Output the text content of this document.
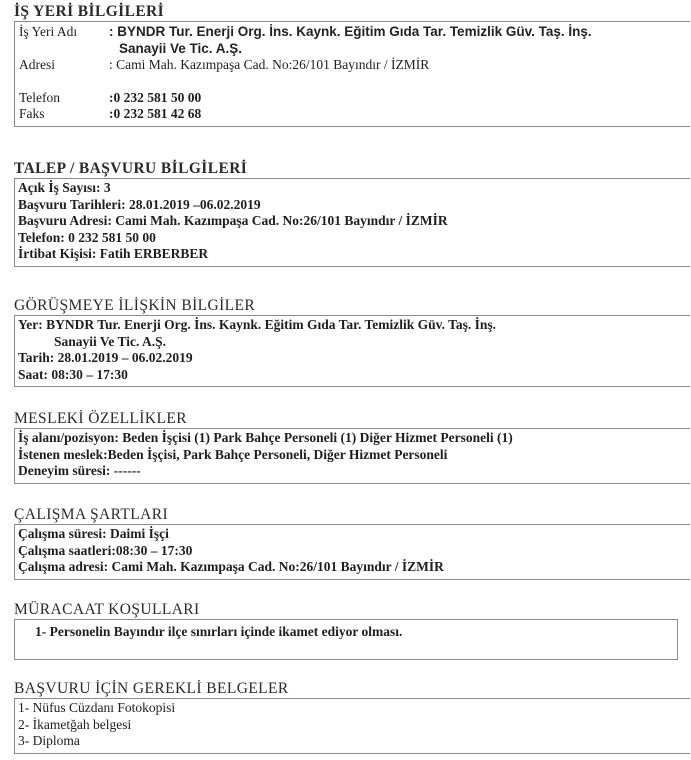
İŞ YERİ BİLGİLERİ
İş Yeri Adı	: BYNDR Tur. Enerji Org. İns. Kaynk. Eğitim Gıda Tar. Temizlik Güv. Taş. İnş.
Sanayii Ve Tic. A.Ş.
Adresi	: Cami Mah. Kazımpaşa Cad. No:26/101 Bayındır / İZMİR
Telefon	:0 232 581 50 00
Faks	:0 232 581 42 68
TALEP / BAŞVURU BİLGİLERİ
Açık İş Sayısı: 3
Başvuru Tarihleri: 28.01.2019 –06.02.2019
Başvuru Adresi: Cami Mah. Kazımpaşa Cad. No:26/101 Bayındır / İZMİR
Telefon: 0 232 581 50 00
İrtibat Kişisi: Fatih ERBERBER
GÖRÜŞMEYE İLİŞKİN BİLGİLER
Yer: BYNDR Tur. Enerji Org. İns. Kaynk. Eğitim Gıda Tar. Temizlik Güv. Taş. İnş.
Sanayii Ve Tic. A.Ş.
Tarih: 28.01.2019 – 06.02.2019
Saat: 08:30 – 17:30
MESLEKİ ÖZELLİKLER
İş alanı/pozisyon: Beden İşçisi (1) Park Bahçe Personeli (1) Diğer Hizmet Personeli (1)
İstenen meslek:Beden İşçisi, Park Bahçe Personeli, Diğer Hizmet Personeli
Deneyim süresi: ------
ÇALIŞMA ŞARTLARI
Çalışma süresi: Daimi İşçi
Çalışma saatleri:08:30 – 17:30
Çalışma adresi: Cami Mah. Kazımpaşa Cad. No:26/101 Bayındır / İZMİR
MÜRACAAT KOŞULLARI
1- Personelin Bayındır ilçe sınırları içinde ikamet ediyor olması.
BAŞVURU İÇİN GEREKLİ BELGELER
1- Nüfus Cüzdanı Fotokopisi
2- İkametğah belgesi
3- Diploma
